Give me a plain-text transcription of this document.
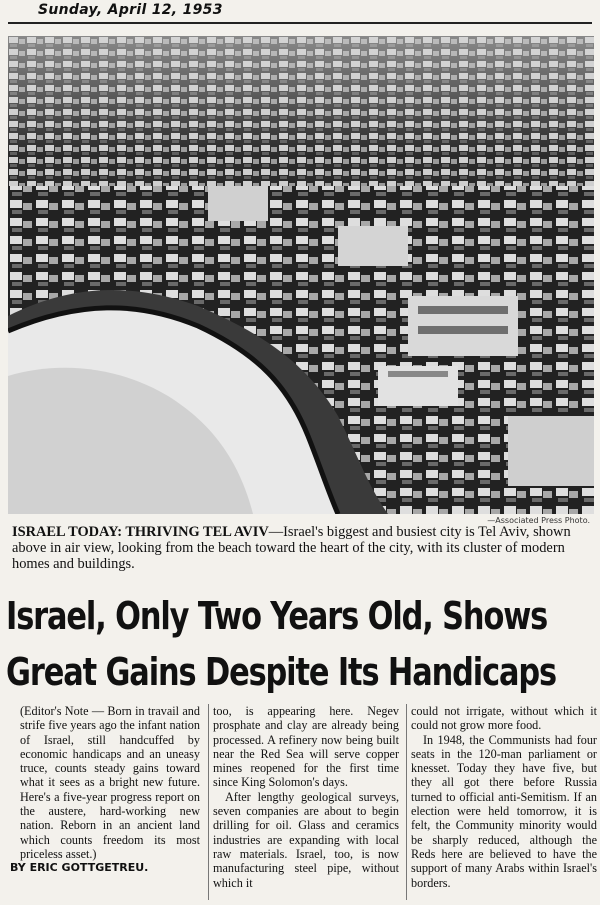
Sunday, April 12, 1953
—Associated Press Photo.
ISRAEL TODAY: THRIVING TEL AVIV—Israel's biggest and busiest city is Tel Aviv, shown above in air view, looking from the beach toward the heart of the city, with its cluster of modern homes and buildings.
Israel, Only Two Years Old, Shows
Great Gains Despite Its Handicaps

(Editor's Note — Born in travail and strife five years ago the infant nation of Israel, still handcuffed by economic handicaps and an uneasy truce, counts steady gains toward what it sees as a bright new future. Here's a five-year progress report on the austere, hard-working new nation. Reborn in an ancient land which counts freedom its most priceless asset.)

BY ERIC GOTTGETREU.

too, is appearing here. Negev prosphate and clay are already being processed. A refinery now being built near the Red Sea will serve copper mines reopened for the first time since King Solomon's days.

After lengthy geological surveys, seven companies are about to begin drilling for oil. Glass and ceramics industries are expanding with local raw materials. Israel, too, is now manufacturing steel pipe, without which it

could not irrigate, without which it could not grow more food.

In 1948, the Communists had four seats in the 120-man parliament or knesset. Today they have five, but they all got there before Russia turned to official anti-Semitism. If an election were held tomorrow, it is felt, the Community minority would be sharply reduced, although the Reds here are believed to have the support of many Arabs within Israel's borders.
